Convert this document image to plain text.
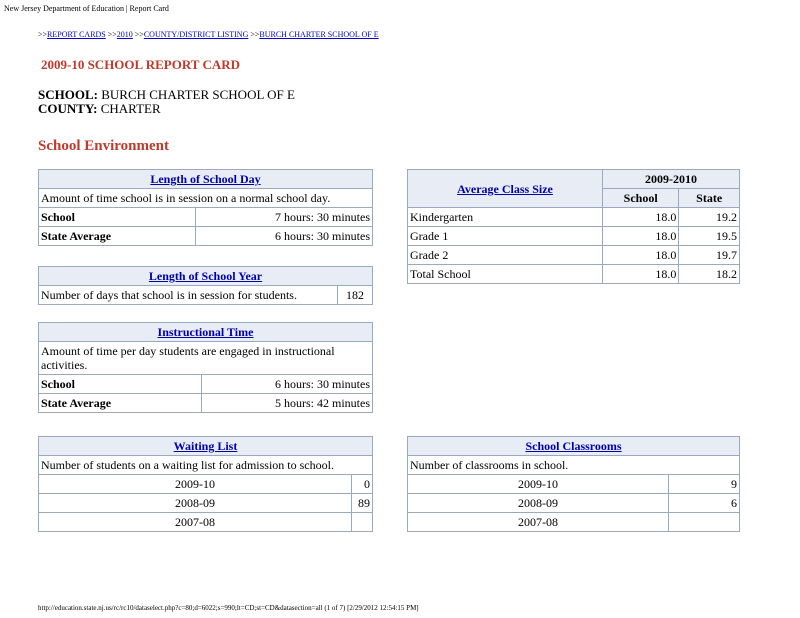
New Jersey Department of Education | Report Card
>>REPORT CARDS >>2010 >>COUNTY/DISTRICT LISTING >>BURCH CHARTER SCHOOL OF E
2009-10 SCHOOL REPORT CARD
SCHOOL: BURCH CHARTER SCHOOL OF E
COUNTY: CHARTER
School Environment
Length of School Day	
Amount of time school is in session on a normal school day.	
School	7 hours: 30 minutes
State Average	6 hours: 30 minutes
Length of School Year
Number of days that school is in session for students.	182
Instructional Time	

Amount of time per day students are engaged in instructional activities.	

School	6 hours: 30 minutes
State Average	5 hours: 42 minutes
Waiting List	
Number of students on a waiting list for admission to school.	
2009-10	0
2008-09	89
2007-08	
Average Class Size	2009-2010	
	School	State
Kindergarten	18.0	19.2
Grade 1	18.0	19.5
Grade 2	18.0	19.7
Total School	18.0	18.2
School Classrooms	
Number of classrooms in school.	
2009-10	9
2008-09	6
2007-08	
http://education.state.nj.us/rc/rc10/dataselect.php?c=80;d=6022;s=990;lt=CD;st=CD&datasection=all (1 of 7) [2/29/2012 12:54:15 PM]
